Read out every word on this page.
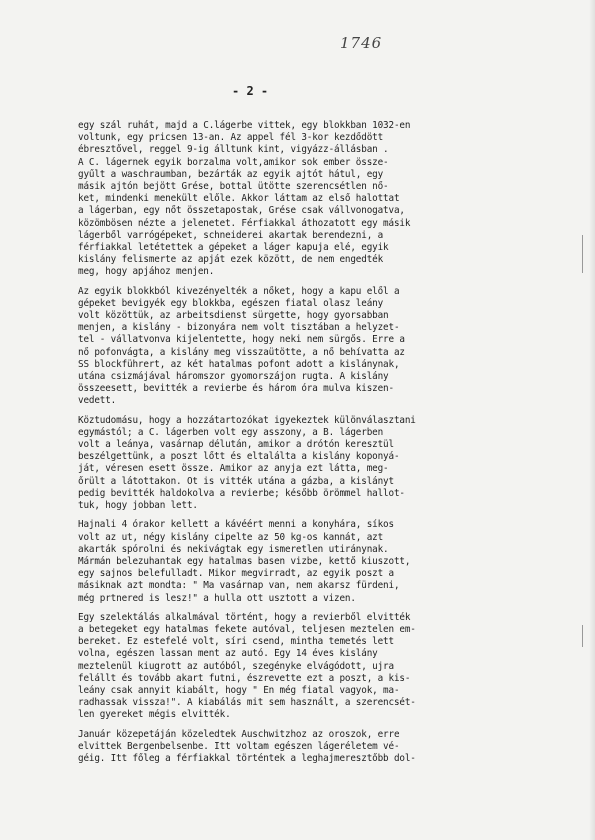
1746
- 2 -
egy szál ruhát, majd a C.lágerbe vittek, egy blokkban 1032-en
voltunk, egy pricsen 13-an. Az appel fél 3-kor kezdődött
ébresztővel, reggel 9-ig álltunk kint, vigyázz-állásban .
A C. lágernek egyik borzalma volt,amikor sok ember össze-
gyűlt a waschraumban, bezárták az egyik ajtót hátul, egy
másik ajtón bejött Grése, bottal ütötte szerencsétlen nő-
ket, mindenki menekült előle. Akkor láttam az első halottat
a lágerban, egy nőt összetapostak, Grése csak vállvonogatva,
közömbösen nézte a jelenetet. Férfiakkal áthozatott egy másik
lágerből varrógépeket, schneiderei akartak berendezni, a
férfiakkal letétettek a gépeket a láger kapuja elé, egyik
kislány felismerte az apját ezek között, de nem engedték
meg, hogy apjához menjen.
Az egyik blokkból kivezényelték a nőket, hogy a kapu elől a
gépeket bevigyék egy blokkba, egészen fiatal olasz leány
volt közöttük, az arbeitsdienst sürgette, hogy gyorsabban
menjen, a kislány - bizonyára nem volt tisztában a helyzet-
tel - vállatvonva kijelentette, hogy neki nem sürgős. Erre a
nő pofonvágta, a kislány meg visszaütötte, a nő behívatta az
SS blockführert, az két hatalmas pofont adott a kislánynak,
utána csizmájával háromszor gyomorszájon rugta. A kislány
összeesett, bevitték a revierbe és három óra mulva kiszen-
vedett.
Köztudomásu, hogy a hozzátartozókat igyekeztek különválasztani
egymástól; a C. lágerben volt egy asszony, a B. lágerben
volt a leánya, vasárnap délután, amikor a drótón keresztül
beszélgettünk, a poszt lőtt és eltalálta a kislány koponyá-
ját, véresen esett össze. Amikor az anyja ezt látta, meg-
őrült a látottakon. Őt is vitték utána a gázba, a kislányt
pedig bevitték haldokolva a revierbe; később örömmel hallot-
tuk, hogy jobban lett.
Hajnali 4 órakor kellett a kávéért menni a konyhára, síkos
volt az ut, négy kislány cipelte az 50 kg-os kannát, azt
akarták spórolni és nekivágtak egy ismeretlen utiránynak.
Mármán belezuhantak egy hatalmas basen vizbe, kettő kiuszott,
egy sajnos belefulladt. Mikor megvirradt, az egyik poszt a
másiknak azt mondta: " Ma vasárnap van, nem akarsz fürdeni,
még prtnered is lesz!" a hulla ott usztott a vizen.
Egy szelektálás alkalmával történt, hogy a revierből elvitték
a betegeket egy hatalmas fekete autóval, teljesen meztelen em-
bereket. Ez estefelé volt, síri csend, mintha temetés lett
volna, egészen lassan ment az autó. Egy 14 éves kislány
meztelenül kiugrott az autóból, szegénykе elvágódott, ujra
felállt és tovább akart futni, észrevette ezt a poszt, a kis-
leány csak annyit kiabált, hogy " Én még fiatal vagyok, ma-
radhassak vissza!". A kiabálás mit sem használt, a szerencsét-
len gyereket mégis elvitték.
Január közepetáján közeledtek Auschwitzhoz az oroszok, erre
elvittek Bergenbelsenbe. Itt voltam egészen lágeréletem vé-
géig. Itt főleg a férfiakkal történtek a leghajmeresztőbb dol-
